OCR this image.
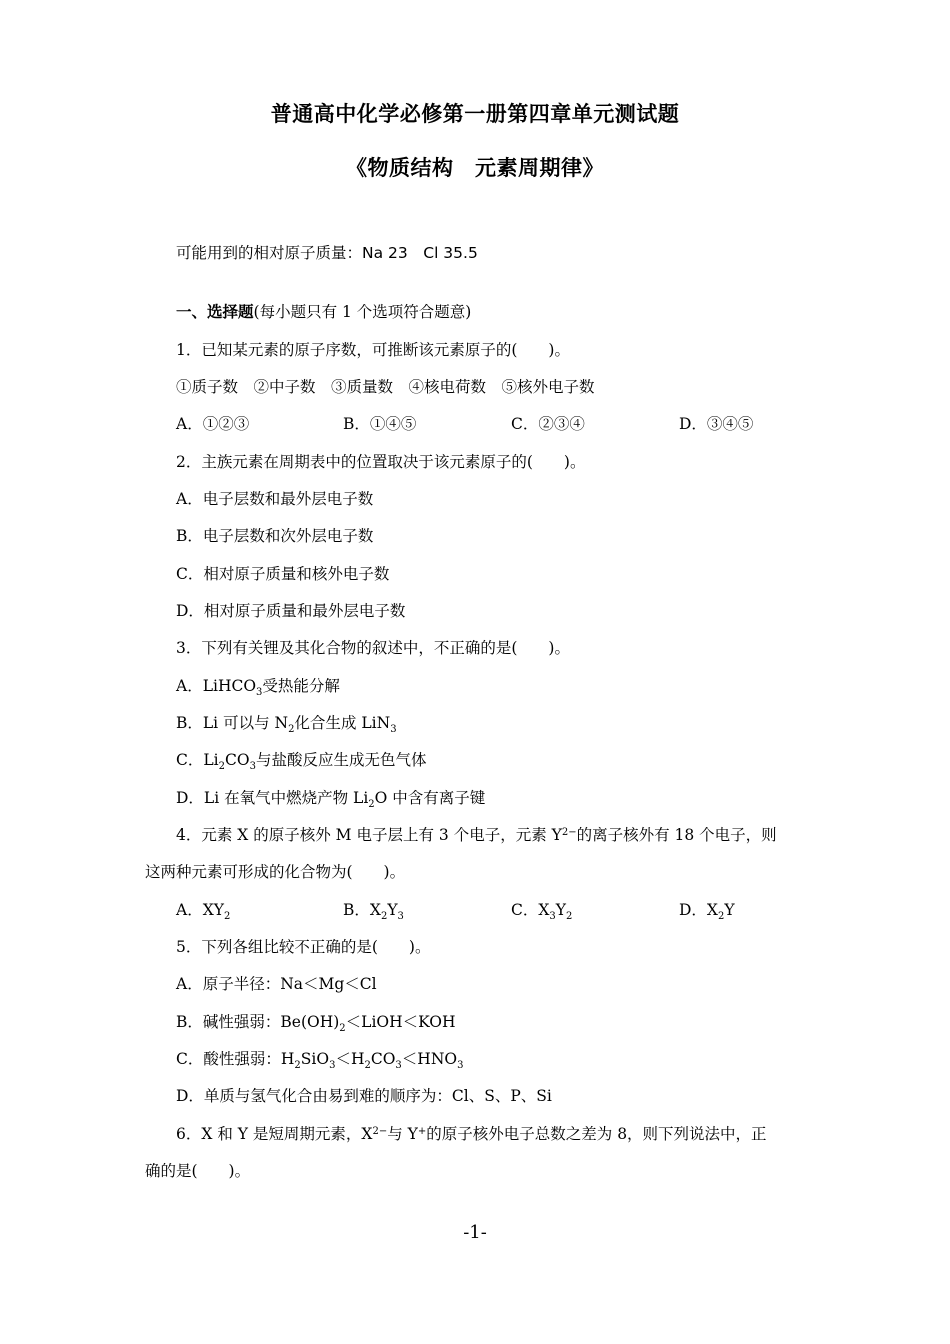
普通高中化学必修第一册第四章单元测试题
《物质结构　元素周期律》
可能用到的相对原子质量：Na 23　Cl 35.5
一、选择题(每小题只有 1 个选项符合题意)
1．已知某元素的原子序数，可推断该元素原子的(　　)。
①质子数　②中子数　③质量数　④核电荷数　⑤核外电子数
A．①②③	B．①④⑤	C．②③④	D．③④⑤
2．主族元素在周期表中的位置取决于该元素原子的(　　)。
A．电子层数和最外层电子数
B．电子层数和次外层电子数
C．相对原子质量和核外电子数
D．相对原子质量和最外层电子数
3．下列有关锂及其化合物的叙述中，不正确的是(　　)。
A．LiHCO$_3$受热能分解
B．Li 可以与 $N_2$化合生成 LiN$_3$
C．$Li_2CO_3$与盐酸反应生成无色气体
D．Li 在氧气中燃烧产物 $Li_2O$ 中含有离子键
4．元素 X 的原子核外 M 电子层上有 3 个电子，元素 $Y^{2-}$的离子核外有 18 个电子，则
这两种元素可形成的化合物为(　　)。
A．$XY_2$	B．$X_2Y_3$	C．$X_3Y_2$	D．$X_2Y$
5．下列各组比较不正确的是(　　)。
A．原子半径：Na＜Mg＜Cl
B．碱性强弱：$Be(OH)_2<LiOH<KOH$
C．酸性强弱：$H_2SiO_3<H_2CO_3<HNO_3$
D．单质与氢气化合由易到难的顺序为：Cl、S、P、Si
6．X 和 Y 是短周期元素，$X^{2-}$与 Y+的原子核外电子总数之差为 8，则下列说法中，正
确的是(　　)。
-1-
